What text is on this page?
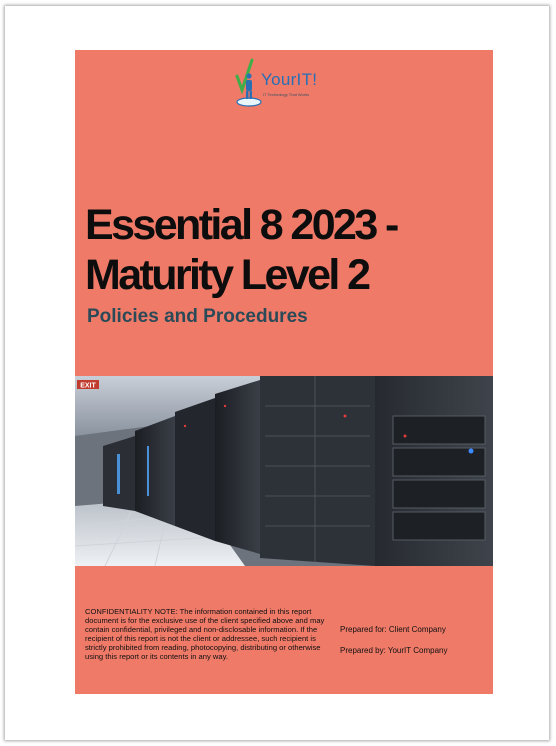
YourIT!
IT Technology That Works
Essential 8 2023 -
Maturity Level 2
Policies and Procedures
EXIT
CONFIDENTIALITY NOTE: The information contained in this report document is for the exclusive use of the client specified above and may contain confidential, privileged and non-disclosable information. If the recipient of this report is not the client or addressee, such recipient is strictly prohibited from reading, photocopying, distributing or otherwise using this report or its contents in any way.
Prepared for: Client Company
Prepared by: YourIT Company
